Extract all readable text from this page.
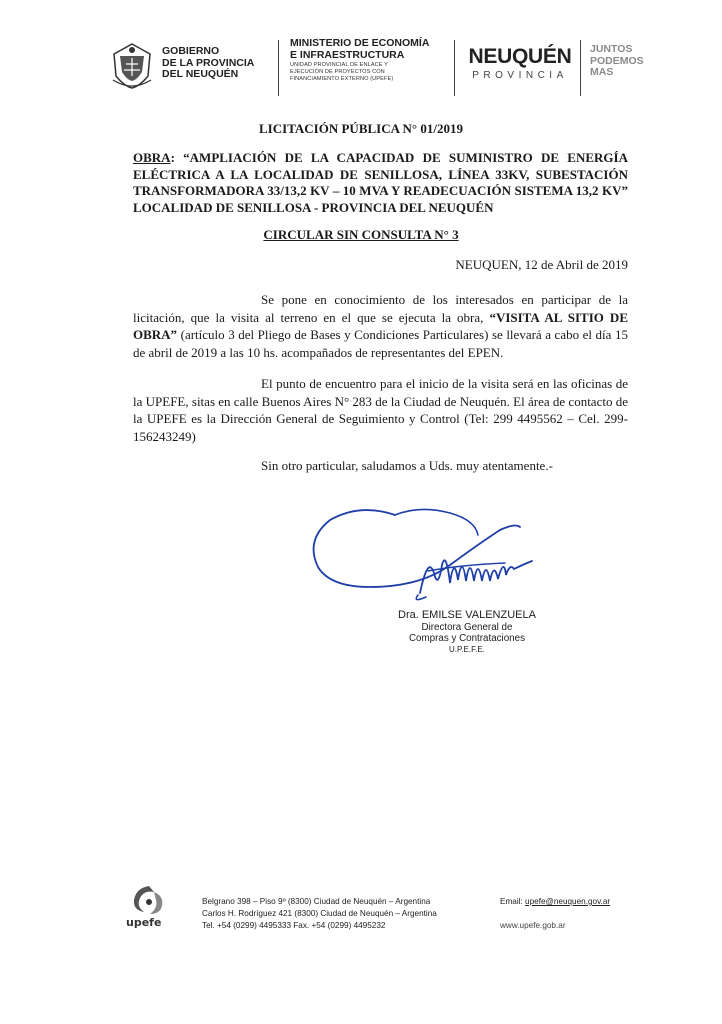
GOBIERNO
DE LA PROVINCIA
DEL NEUQUÉN
MINISTERIO DE ECONOMÍA
E INFRAESTRUCTURA
UNIDAD PROVINCIAL DE ENLACE Y
EJECUCIÓN DE PROYECTOS CON
FINANCIAMIENTO EXTERNO (UPEFE)
NEUQUÉN
PROVINCIA
JUNTOS
PODEMOS
MAS
LICITACIÓN PÚBLICA N° 01/2019
OBRA: “AMPLIACIÓN DE LA CAPACIDAD DE SUMINISTRO DE ENERGÍA ELÉCTRICA A LA LOCALIDAD DE SENILLOSA, LÍNEA 33KV, SUBESTACIÓN TRANSFORMADORA 33/13,2 KV – 10 MVA Y READECUACIÓN SISTEMA 13,2 KV” LOCALIDAD DE SENILLOSA - PROVINCIA DEL NEUQUÉN
CIRCULAR SIN CONSULTA N° 3
NEUQUEN, 12 de Abril de 2019
Se pone en conocimiento de los interesados en participar de la licitación, que la visita al terreno en el que se ejecuta la obra, “VISITA AL SITIO DE OBRA” (artículo 3 del Pliego de Bases y Condiciones Particulares) se llevará a cabo el día 15 de abril de 2019 a las 10 hs. acompañados de representantes del EPEN.
El punto de encuentro para el inicio de la visita será en las oficinas de la UPEFE, sitas en calle Buenos Aires N° 283 de la Ciudad de Neuquén. El área de contacto de la UPEFE es la Dirección General de Seguimiento y Control (Tel: 299 4495562 – Cel. 299-156243249)
Sin otro particular, saludamos a Uds. muy atentamente.-
Dra. EMILSE VALENZUELA
Directora General de
Compras y Contrataciones
U.P.E.F.E.
upefe
Belgrano 398 – Piso 9º (8300) Ciudad de Neuquén – Argentina
Carlos H. Rodríguez 421 (8300) Ciudad de Neuquén – Argentina
Tel. +54 (0299) 4495333 Fax. +54 (0299) 4495232
Email: upefe@neuquen.gov.ar
www.upefe.gob.ar
